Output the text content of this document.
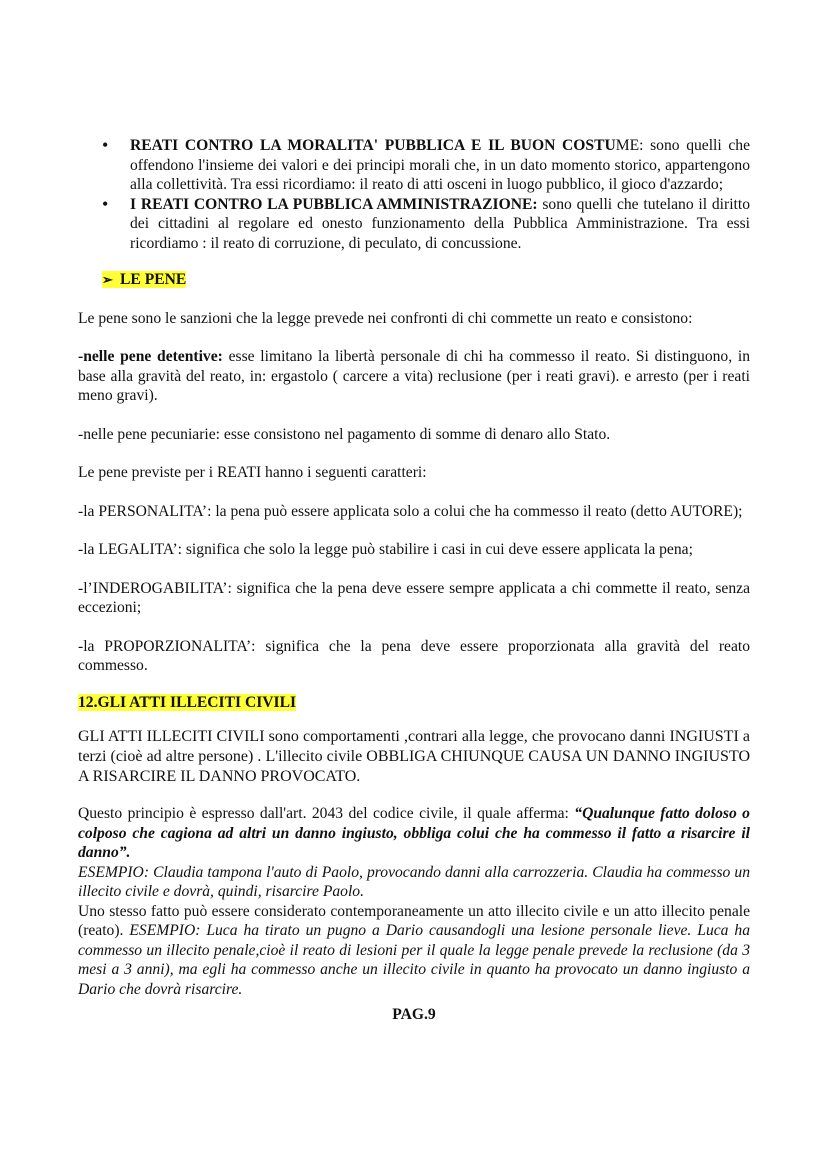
• REATI CONTRO LA MORALITA' PUBBLICA E IL BUON COSTUME: sono quelli che offendono l'insieme dei valori e dei principi morali che, in un dato momento storico, appartengono alla collettività. Tra essi ricordiamo: il reato di atti osceni in luogo pubblico, il gioco d'azzardo;
• I REATI CONTRO LA PUBBLICA AMMINISTRAZIONE: sono quelli che tutelano il diritto dei cittadini al regolare ed onesto funzionamento della Pubblica Amministrazione. Tra essi ricordiamo : il reato di corruzione, di peculato, di concussione.
➢ LE PENE

Le pene sono le sanzioni che la legge prevede nei confronti di chi commette un reato e consistono:

-nelle pene detentive: esse limitano la libertà personale di chi ha commesso il reato. Si distinguono, in base alla gravità del reato, in: ergastolo ( carcere a vita) reclusione (per i reati gravi). e arresto (per i reati meno gravi).

-nelle pene pecuniarie: esse consistono nel pagamento di somme di denaro allo Stato.

Le pene previste per i REATI hanno i seguenti caratteri:

-la PERSONALITA’: la pena può essere applicata solo a colui che ha commesso il reato (detto AUTORE);

-la LEGALITA’: significa che solo la legge può stabilire i casi in cui deve essere applicata la pena;

-l’INDEROGABILITA’: significa che la pena deve essere sempre applicata a chi commette il reato, senza eccezioni;

-la PROPORZIONALITA’: significa che la pena deve essere proporzionata alla gravità del reato commesso.

12.GLI ATTI ILLECITI CIVILI

GLI ATTI ILLECITI CIVILI sono comportamenti ,contrari alla legge, che provocano danni INGIUSTI a terzi (cioè ad altre persone) . L'illecito civile OBBLIGA CHIUNQUE CAUSA UN DANNO INGIUSTO A RISARCIRE IL DANNO PROVOCATO.

Questo principio è espresso dall'art. 2043 del codice civile, il quale afferma: “Qualunque fatto doloso o colposo che cagiona ad altri un danno ingiusto, obbliga colui che ha commesso il fatto a risarcire il danno”.

ESEMPIO: Claudia tampona l'auto di Paolo, provocando danni alla carrozzeria. Claudia ha commesso un illecito civile e dovrà, quindi, risarcire Paolo.

Uno stesso fatto può essere considerato contemporaneamente un atto illecito civile e un atto illecito penale (reato). ESEMPIO: Luca ha tirato un pugno a Dario causandogli una lesione personale lieve. Luca ha commesso un illecito penale,cioè il reato di lesioni per il quale la legge penale prevede la reclusione (da 3 mesi a 3 anni), ma egli ha commesso anche un illecito civile in quanto ha provocato un danno ingiusto a Dario che dovrà risarcire.

PAG.9
